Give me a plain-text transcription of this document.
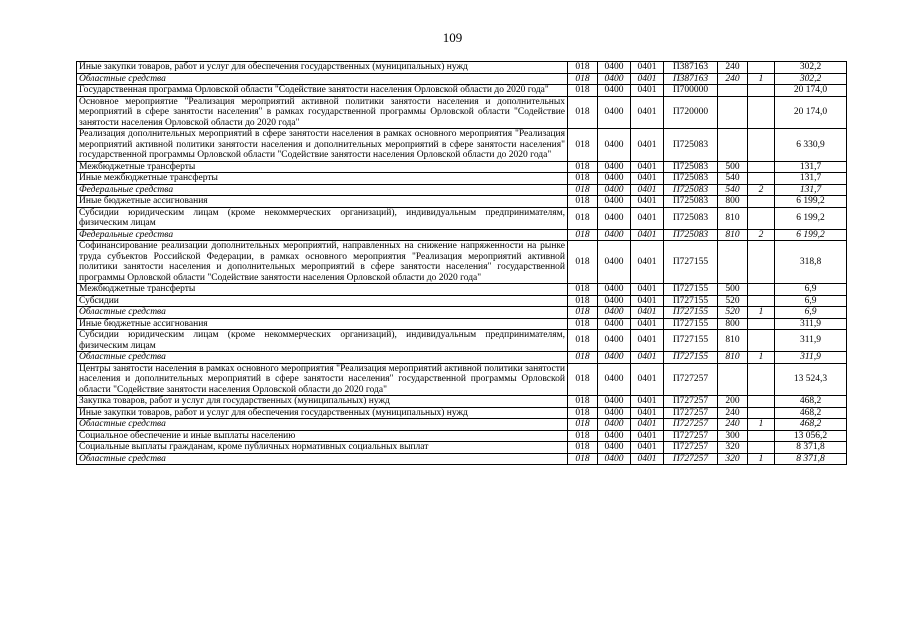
109
Иные закупки товаров, работ и услуг для обеспечения государственных (муниципальных) нужд	018	0400	0401	П387163	240		302,2
Областные средства	018	0400	0401	П387163	240	1	302,2
Государственная программа Орловской области "Содействие занятости населения Орловской области до 2020 года"	018	0400	0401	П700000			20 174,0
Основное мероприятие "Реализация мероприятий активной политики занятости населения и дополнительных мероприятий в сфере занятости населения" в рамках государственной программы Орловской области "Содействие занятости населения Орловской области до 2020 года"	018	0400	0401	П720000			20 174,0
Реализация дополнительных мероприятий в сфере занятости населения в рамках основного мероприятия "Реализация мероприятий активной политики занятости населения и дополнительных мероприятий в сфере занятости населения" государственной программы Орловской области "Содействие занятости населения Орловской области до 2020 года"	018	0400	0401	П725083			6 330,9
Межбюджетные трансферты	018	0400	0401	П725083	500		131,7
Иные межбюджетные трансферты	018	0400	0401	П725083	540		131,7
Федеральные средства	018	0400	0401	П725083	540	2	131,7
Иные бюджетные ассигнования	018	0400	0401	П725083	800		6 199,2
Субсидии юридическим лицам (кроме некоммерческих организаций), индивидуальным предпринимателям, физическим лицам	018	0400	0401	П725083	810		6 199,2
Федеральные средства	018	0400	0401	П725083	810	2	6 199,2
Софинансирование реализации дополнительных мероприятий, направленных на снижение напряженности на рынке труда субъектов Российской Федерации, в рамках основного мероприятия "Реализация мероприятий активной политики занятости населения и дополнительных мероприятий в сфере занятости населения" государственной программы Орловской области "Содействие занятости населения Орловской области до 2020 года"	018	0400	0401	П727155			318,8
Межбюджетные трансферты	018	0400	0401	П727155	500		6,9
Субсидии	018	0400	0401	П727155	520		6,9
Областные средства	018	0400	0401	П727155	520	1	6,9
Иные бюджетные ассигнования	018	0400	0401	П727155	800		311,9
Субсидии юридическим лицам (кроме некоммерческих организаций), индивидуальным предпринимателям, физическим лицам	018	0400	0401	П727155	810		311,9
Областные средства	018	0400	0401	П727155	810	1	311,9
Центры занятости населения в рамках основного мероприятия "Реализация мероприятий активной политики занятости населения и дополнительных мероприятий в сфере занятости населения" государственной программы Орловской области "Содействие занятости населения Орловской области до 2020 года"	018	0400	0401	П727257			13 524,3
Закупка товаров, работ и услуг для государственных (муниципальных) нужд	018	0400	0401	П727257	200		468,2
Иные закупки товаров, работ и услуг для обеспечения государственных (муниципальных) нужд	018	0400	0401	П727257	240		468,2
Областные средства	018	0400	0401	П727257	240	1	468,2
Социальное обеспечение и иные выплаты населению	018	0400	0401	П727257	300		13 056,2
Социальные выплаты гражданам, кроме публичных нормативных социальных выплат	018	0400	0401	П727257	320		8 371,8
Областные средства	018	0400	0401	П727257	320	1	8 371,8
